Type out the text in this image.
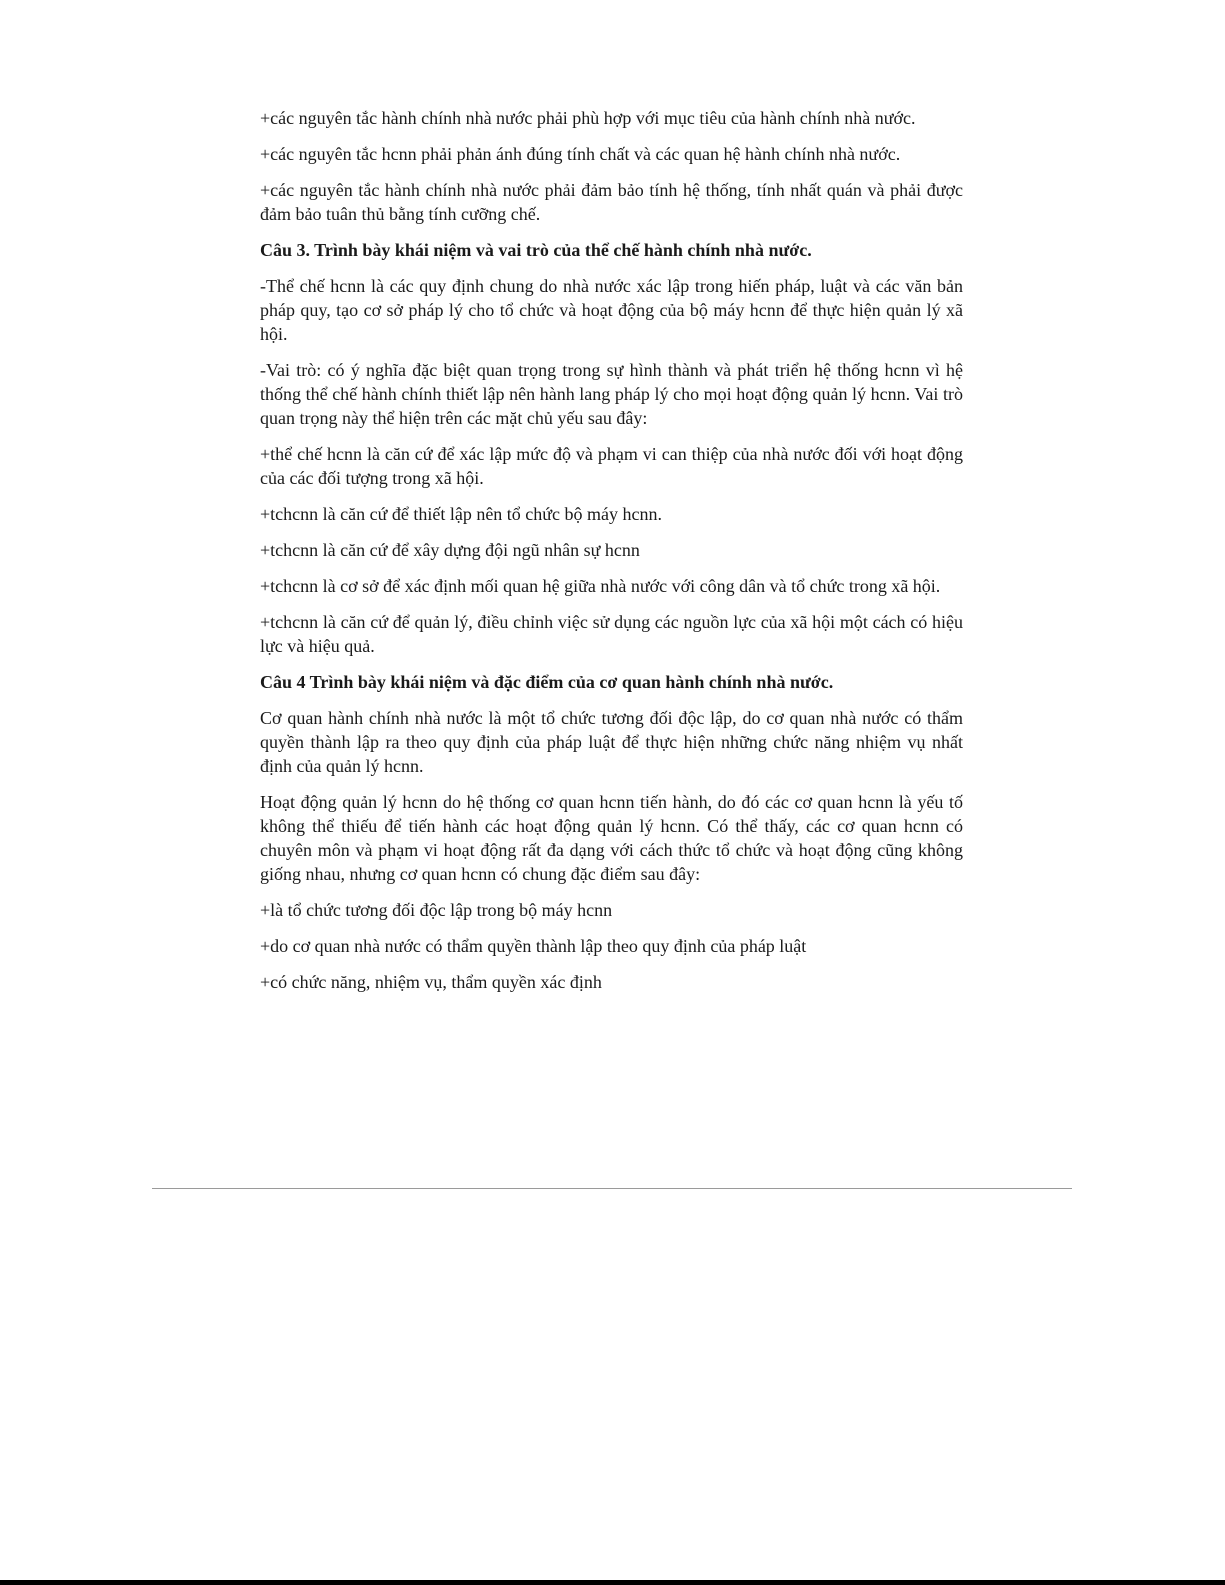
+các nguyên tắc hành chính nhà nước phải phù hợp với mục tiêu của hành chính nhà nước.

+các nguyên tắc hcnn phải phản ánh đúng tính chất và các quan hệ hành chính nhà nước.

+các nguyên tắc hành chính nhà nước phải đảm bảo tính hệ thống, tính nhất quán và phải được đảm bảo tuân thủ bằng tính cưỡng chế.

Câu 3. Trình bày khái niệm và vai trò của thể chế hành chính nhà nước.

-Thể chế hcnn là các quy định chung do nhà nước xác lập trong hiến pháp, luật và các văn bản pháp quy, tạo cơ sở pháp lý cho tổ chức và hoạt động của bộ máy hcnn để thực hiện quản lý xã hội.

-Vai trò: có ý nghĩa đặc biệt quan trọng trong sự hình thành và phát triển hệ thống hcnn vì hệ thống thể chế hành chính thiết lập nên hành lang pháp lý cho mọi hoạt động quản lý hcnn. Vai trò quan trọng này thể hiện trên các mặt chủ yếu sau đây:

+thể chế hcnn là căn cứ để xác lập mức độ và phạm vi can thiệp của nhà nước đối với hoạt động của các đối tượng trong xã hội.

+tchcnn là căn cứ để thiết lập nên tổ chức bộ máy hcnn.

+tchcnn là căn cứ để xây dựng đội ngũ nhân sự hcnn

+tchcnn là cơ sở để xác định mối quan hệ giữa nhà nước với công dân và tổ chức trong xã hội.

+tchcnn là căn cứ để quản lý, điều chỉnh việc sử dụng các nguồn lực của xã hội một cách có hiệu lực và hiệu quả.

Câu 4 Trình bày khái niệm và đặc điểm của cơ quan hành chính nhà nước.

Cơ quan hành chính nhà nước là một tổ chức tương đối độc lập, do cơ quan nhà nước có thẩm quyền thành lập ra theo quy định của pháp luật để thực hiện những chức năng nhiệm vụ nhất định của quản lý hcnn.

Hoạt động quản lý hcnn do hệ thống cơ quan hcnn tiến hành, do đó các cơ quan hcnn là yếu tố không thể thiếu để tiến hành các hoạt động quản lý hcnn. Có thể thấy, các cơ quan hcnn có chuyên môn và phạm vi hoạt động rất đa dạng với cách thức tổ chức và hoạt động cũng không giống nhau, nhưng cơ quan hcnn có chung đặc điểm sau đây:

+là tổ chức tương đối độc lập trong bộ máy hcnn

+do cơ quan nhà nước có thẩm quyền thành lập theo quy định của pháp luật

+có chức năng, nhiệm vụ, thẩm quyền xác định
